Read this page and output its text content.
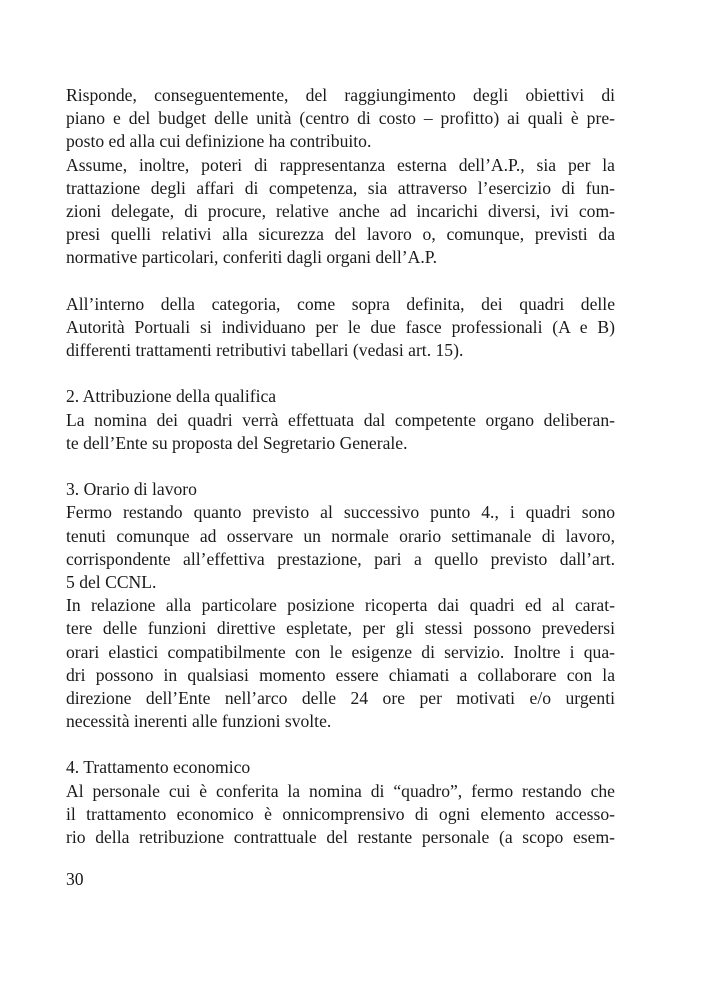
Risponde, conseguentemente, del raggiungimento degli obiettivi di
piano e del budget delle unità (centro di costo – profitto) ai quali è pre-
posto ed alla cui definizione ha contribuito.
Assume, inoltre, poteri di rappresentanza esterna dell’A.P., sia per la
trattazione degli affari di competenza, sia attraverso l’esercizio di fun-
zioni delegate, di procure, relative anche ad incarichi diversi, ivi com-
presi quelli relativi alla sicurezza del lavoro o, comunque, previsti da
normative particolari, conferiti dagli organi dell’A.P.
All’interno della categoria, come sopra definita, dei quadri delle
Autorità Portuali si individuano per le due fasce professionali (A e B)
differenti trattamenti retributivi tabellari (vedasi art. 15).
2. Attribuzione della qualifica
La nomina dei quadri verrà effettuata dal competente organo deliberan-
te dell’Ente su proposta del Segretario Generale.
3. Orario di lavoro
Fermo restando quanto previsto al successivo punto 4., i quadri sono
tenuti comunque ad osservare un normale orario settimanale di lavoro,
corrispondente all’effettiva prestazione, pari a quello previsto dall’art.
5 del CCNL.
In relazione alla particolare posizione ricoperta dai quadri ed al carat-
tere delle funzioni direttive espletate, per gli stessi possono prevedersi
orari elastici compatibilmente con le esigenze di servizio. Inoltre i qua-
dri possono in qualsiasi momento essere chiamati a collaborare con la
direzione dell’Ente nell’arco delle 24 ore per motivati e/o urgenti
necessità inerenti alle funzioni svolte.
4. Trattamento economico
Al personale cui è conferita la nomina di “quadro”, fermo restando che
il trattamento economico è onnicomprensivo di ogni elemento accesso-
rio della retribuzione contrattuale del restante personale (a scopo esem-
30
